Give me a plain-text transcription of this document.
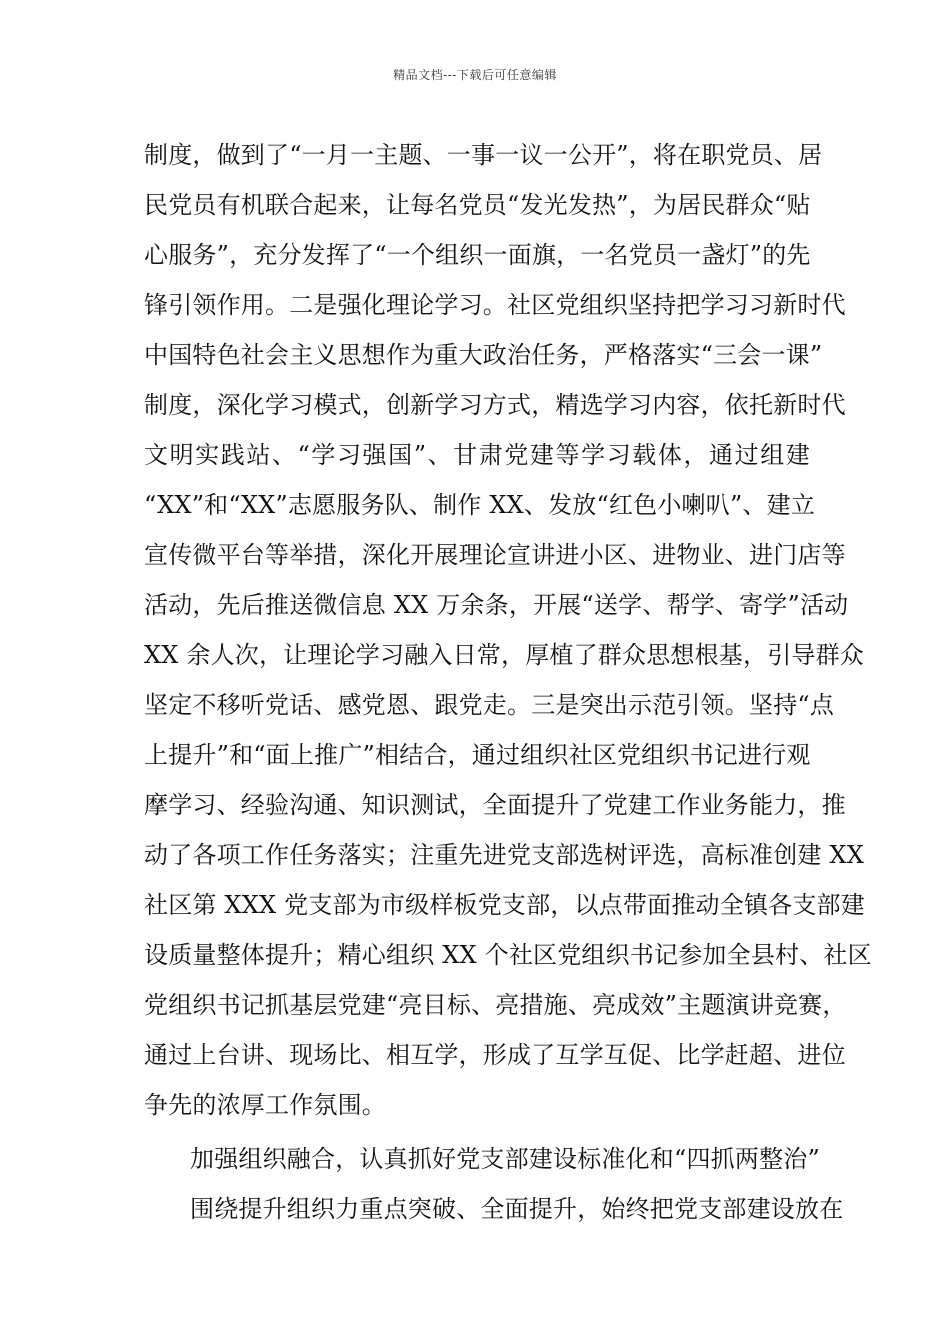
精品文档---下载后可任意编辑
制度，做到了“一月一主题、一事一议一公开”，将在职党员、居
民党员有机联合起来，让每名党员“发光发热”，为居民群众“贴
心服务”，充分发挥了“一个组织一面旗，一名党员一盏灯”的先
锋引领作用。二是强化理论学习。社区党组织坚持把学习习新时代
中国特色社会主义思想作为重大政治任务，严格落实“三会一课”
制度，深化学习模式，创新学习方式，精选学习内容，依托新时代
文明实践站、“学习强国”、甘肃党建等学习载体，通过组建
“XX”和“XX”志愿服务队、制作 XX、发放“红色小喇叭”、建立
宣传微平台等举措，深化开展理论宣讲进小区、进物业、进门店等
活动，先后推送微信息 XX 万余条，开展“送学、帮学、寄学”活动
XX 余人次，让理论学习融入日常，厚植了群众思想根基，引导群众
坚定不移听党话、感党恩、跟党走。三是突出示范引领。坚持“点
上提升”和“面上推广”相结合，通过组织社区党组织书记进行观
摩学习、经验沟通、知识测试，全面提升了党建工作业务能力，推
动了各项工作任务落实；注重先进党支部选树评选，高标准创建 XX
社区第 XXX 党支部为市级样板党支部，以点带面推动全镇各支部建
设质量整体提升；精心组织 XX 个社区党组织书记参加全县村、社区
党组织书记抓基层党建“亮目标、亮措施、亮成效”主题演讲竞赛，
通过上台讲、现场比、相互学，形成了互学互促、比学赶超、进位
争先的浓厚工作氛围。
加强组织融合，认真抓好党支部建设标准化和“四抓两整治”
围绕提升组织力重点突破、全面提升，始终把党支部建设放在
